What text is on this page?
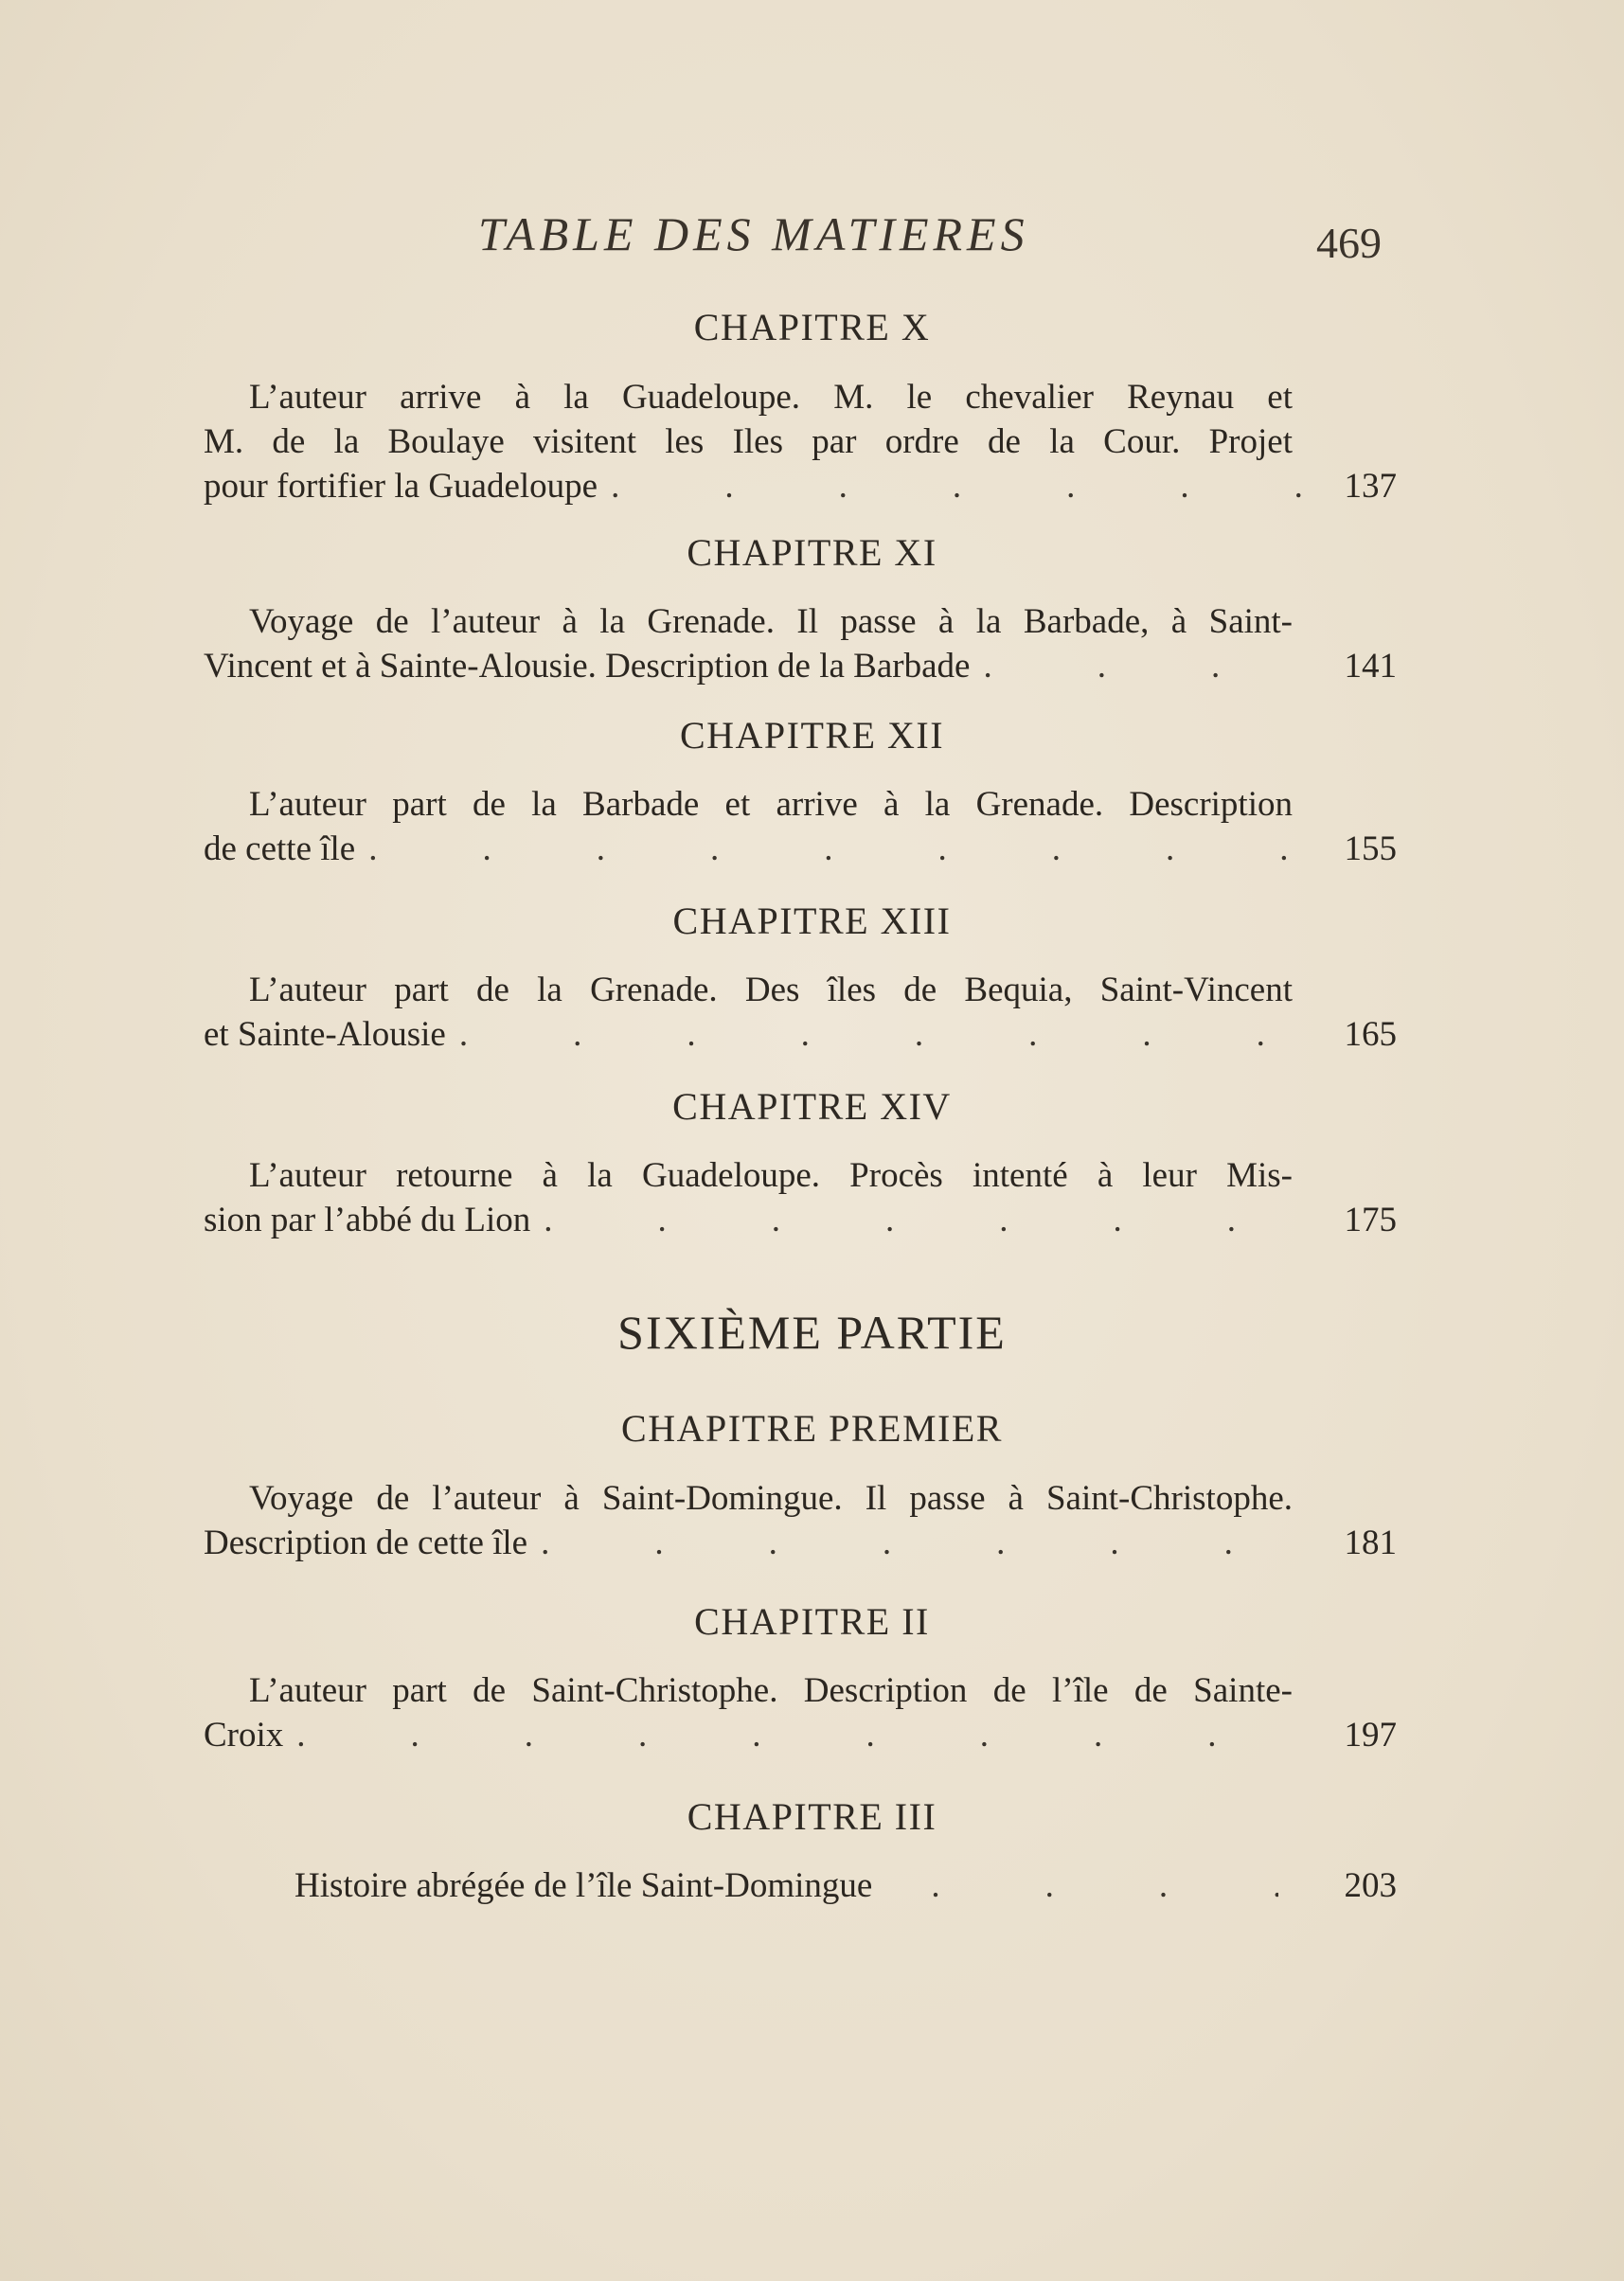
TABLE DES MATIERES	469
CHAPITRE X

L’auteur arrive à la Guadeloupe. M. le chevalier Reynau et

M. de la Boulaye visitent les Iles par ordre de la Cour. Projet

pour fortifier la Guadeloupe .	137

CHAPITRE XI

Voyage de l’auteur à la Grenade. Il passe à la Barbade, à Saint-

Vincent et à Sainte-Alousie. Description de la Barbade .	141

CHAPITRE XII

L’auteur part de la Barbade et arrive à la Grenade. Description

de cette île .	155

CHAPITRE XIII

L’auteur part de la Grenade. Des îles de Bequia, Saint-Vincent

et Sainte-Alousie .	165

CHAPITRE XIV

L’auteur retourne à la Guadeloupe. Procès intenté à leur Mis-

sion par l’abbé du Lion .	175

SIXIÈME PARTIE
CHAPITRE PREMIER

Voyage de l’auteur à Saint-Domingue. Il passe à Saint-Christophe.

Description de cette île .	181

CHAPITRE II

L’auteur part de Saint-Christophe. Description de l’île de Sainte-

Croix .	197

CHAPITRE III

Histoire abrégée de l’île Saint-Domingue .	203
